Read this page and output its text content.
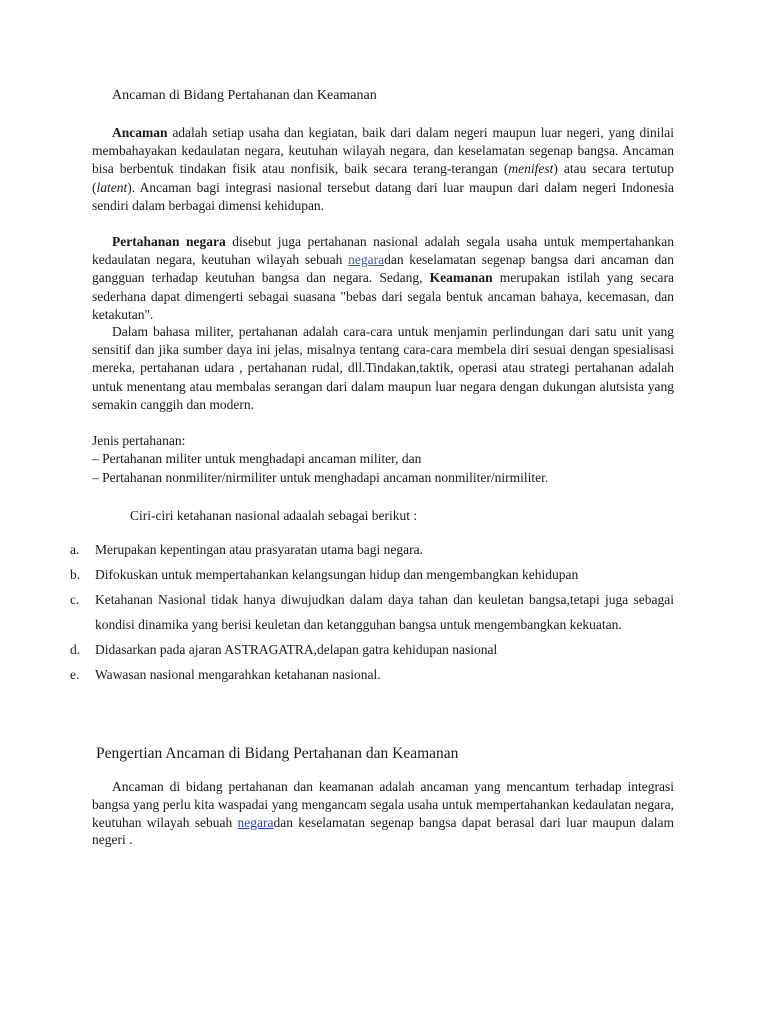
Ancaman di Bidang Pertahanan dan Keamanan

Ancaman adalah setiap usaha dan kegiatan, baik dari dalam negeri maupun luar negeri, yang dinilai membahayakan kedaulatan negara, keutuhan wilayah negara, dan keselamatan segenap bangsa. Ancaman bisa berbentuk tindakan fisik atau nonfisik, baik secara terang-terangan (menifest) atau secara tertutup (latent). Ancaman bagi integrasi nasional tersebut datang dari luar maupun dari dalam negeri Indonesia sendiri dalam berbagai dimensi kehidupan.

Pertahanan negara disebut juga pertahanan nasional adalah segala usaha untuk mempertahankan kedaulatan negara, keutuhan wilayah sebuah negaradan keselamatan segenap bangsa dari ancaman dan gangguan terhadap keutuhan bangsa dan negara. Sedang, Keamanan merupakan istilah yang secara sederhana dapat dimengerti sebagai suasana "bebas dari segala bentuk ancaman bahaya, kecemasan, dan ketakutan".

Dalam bahasa militer, pertahanan adalah cara-cara untuk menjamin perlindungan dari satu unit yang sensitif dan jika sumber daya ini jelas, misalnya tentang cara-cara membela diri sesuai dengan spesialisasi mereka, pertahanan udara , pertahanan rudal, dll.Tindakan,taktik, operasi atau strategi pertahanan adalah untuk menentang atau membalas serangan dari dalam maupun luar negara dengan dukungan alutsista yang semakin canggih dan modern.

Jenis pertahanan:
– Pertahanan militer untuk menghadapi ancaman militer, dan
– Pertahanan nonmiliter/nirmiliter untuk menghadapi ancaman nonmiliter/nirmiliter.
Ciri-ciri ketahanan nasional adaalah sebagai berikut :
a. Merupakan kepentingan atau prasyaratan utama bagi negara.
b. Difokuskan untuk mempertahankan kelangsungan hidup dan mengembangkan kehidupan
c. Ketahanan Nasional tidak hanya diwujudkan dalam daya tahan dan keuletan bangsa,tetapi juga sebagai kondisi dinamika yang berisi keuletan dan ketangguhan bangsa untuk mengembangkan kekuatan.
d. Didasarkan pada ajaran ASTRAGATRA,delapan gatra kehidupan nasional
e. Wawasan nasional mengarahkan ketahanan nasional.
Pengertian Ancaman di Bidang Pertahanan dan Keamanan

Ancaman di bidang pertahanan dan keamanan adalah ancaman yang mencantum terhadap integrasi bangsa yang perlu kita waspadai yang mengancam segala usaha untuk mempertahankan kedaulatan negara, keutuhan wilayah sebuah negaradan keselamatan segenap bangsa dapat berasal dari luar maupun dalam negeri .
